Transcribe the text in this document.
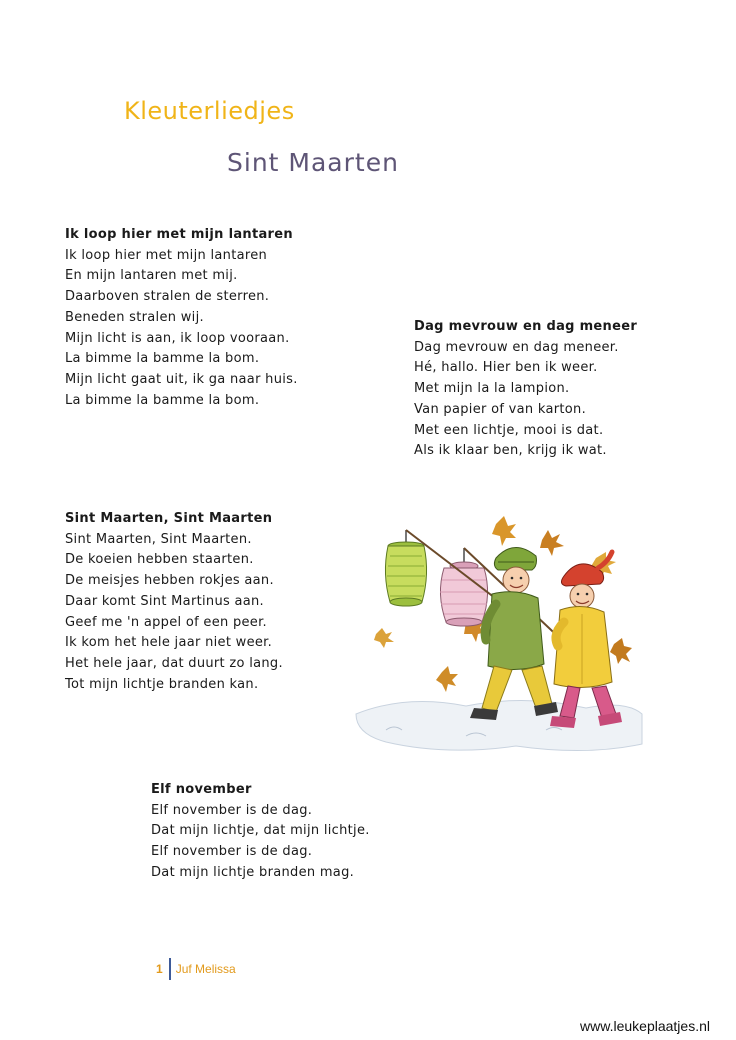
Kleuterliedjes
Sint Maarten
Ik loop hier met mijn lantaren
Ik loop hier met mijn lantaren
En mijn lantaren met mij.
Daarboven stralen de sterren.
Beneden stralen wij.
Mijn licht is aan, ik loop vooraan.
La bimme la bamme la bom.
Mijn licht gaat uit, ik ga naar huis.
La bimme la bamme la bom.
Dag mevrouw en dag meneer
Dag mevrouw en dag meneer.
Hé, hallo. Hier ben ik weer.
Met mijn la la lampion.
Van papier of van karton.
Met een lichtje, mooi is dat.
Als ik klaar ben, krijg ik wat.
Sint Maarten, Sint Maarten
Sint Maarten, Sint Maarten.
De koeien hebben staarten.
De meisjes hebben rokjes aan.
Daar komt Sint Martinus aan.
Geef me 'n appel of een peer.
Ik kom het hele jaar niet weer.
Het hele jaar, dat duurt zo lang.
Tot mijn lichtje branden kan.
Elf november
Elf november is de dag.
Dat mijn lichtje, dat mijn lichtje.
Elf november is de dag.
Dat mijn lichtje branden mag.
1 Juf Melissa
www.leukeplaatjes.nl
